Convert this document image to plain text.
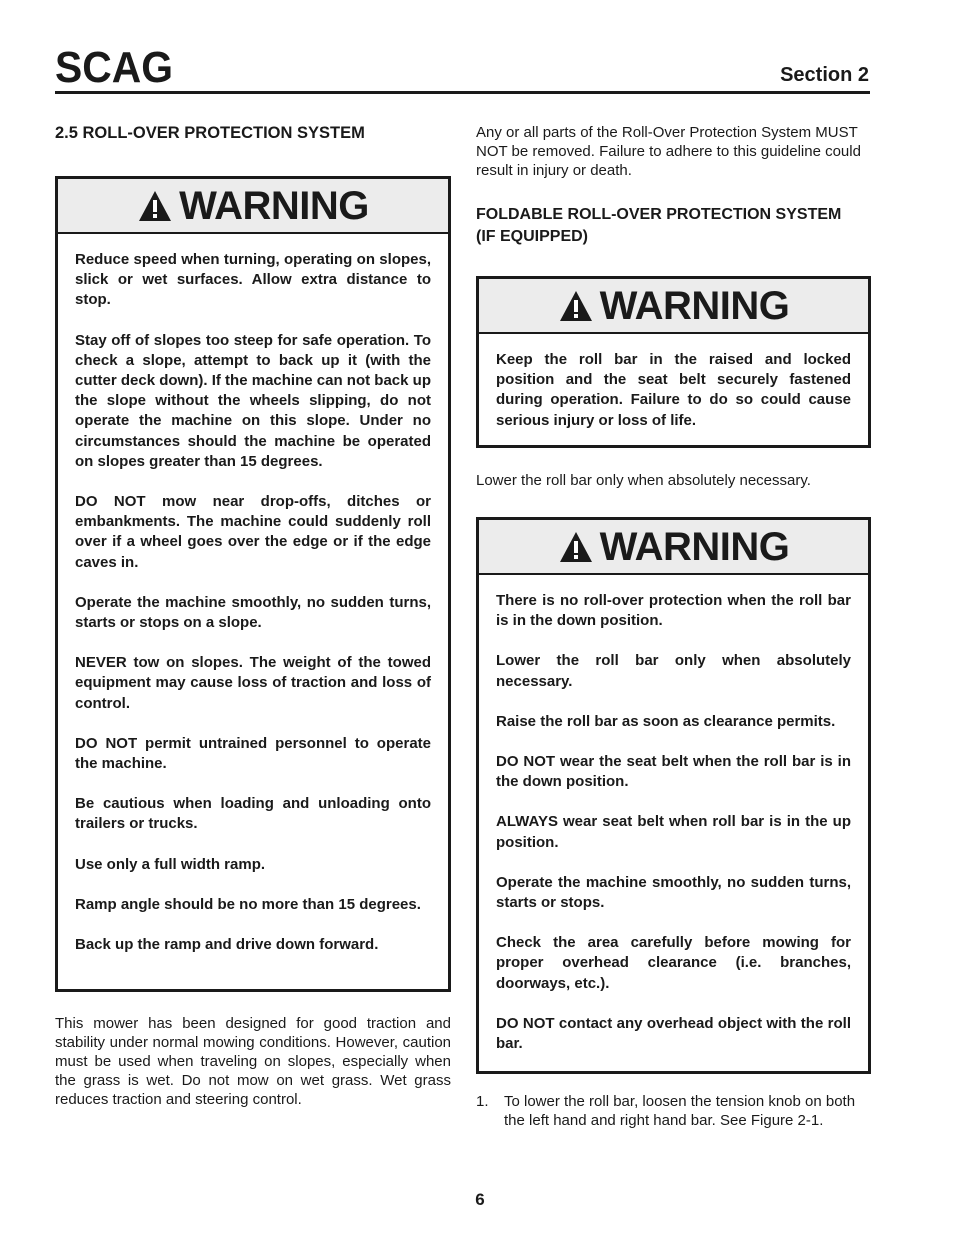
SCAG	Section 2
2.5 ROLL-OVER PROTECTION SYSTEM
WARNING

Reduce speed when turning, operating on slopes, slick or wet surfaces. Allow extra distance to stop.

Stay off of slopes too steep for safe operation. To check a slope, attempt to back up it (with the cutter deck down). If the machine can not back up the slope without the wheels slipping, do not operate the machine on this slope. Under no circumstances should the machine be operated on slopes greater than 15 degrees.

DO NOT mow near drop-offs, ditches or embankments. The machine could suddenly roll over if a wheel goes over the edge or if the edge caves in.

Operate the machine smoothly, no sudden turns, starts or stops on a slope.

NEVER tow on slopes. The weight of the towed equipment may cause loss of traction and loss of control.

DO NOT permit untrained personnel to operate the machine.

Be cautious when loading and unloading onto trailers or trucks.

Use only a full width ramp.

Ramp angle should be no more than 15 degrees.

Back up the ramp and drive down forward.

This mower has been designed for good traction and stability under normal mowing conditions. However, caution must be used when traveling on slopes, especially when the grass is wet. Do not mow on wet grass. Wet grass reduces traction and steering control.
Any or all parts of the Roll-Over Protection System MUST NOT be removed. Failure to adhere to this guideline could result in injury or death.
FOLDABLE ROLL-OVER PROTECTION SYSTEM
(IF EQUIPPED)
WARNING

Keep the roll bar in the raised and locked position and the seat belt securely fastened during operation. Failure to do so could cause serious injury or loss of life.

Lower the roll bar only when absolutely necessary.
WARNING

There is no roll-over protection when the roll bar is in the down position.

Lower the roll bar only when absolutely necessary.

Raise the roll bar as soon as clearance permits.

DO NOT wear the seat belt when the roll bar is in the down position.

ALWAYS wear seat belt when roll bar is in the up position.

Operate the machine smoothly, no sudden turns, starts or stops.

Check the area carefully before mowing for proper overhead clearance (i.e. branches, doorways, etc.).

DO NOT contact any overhead object with the roll bar.

1.	To lower the roll bar, loosen the tension knob on both the left hand and right hand bar. See Figure 2-1.
6
